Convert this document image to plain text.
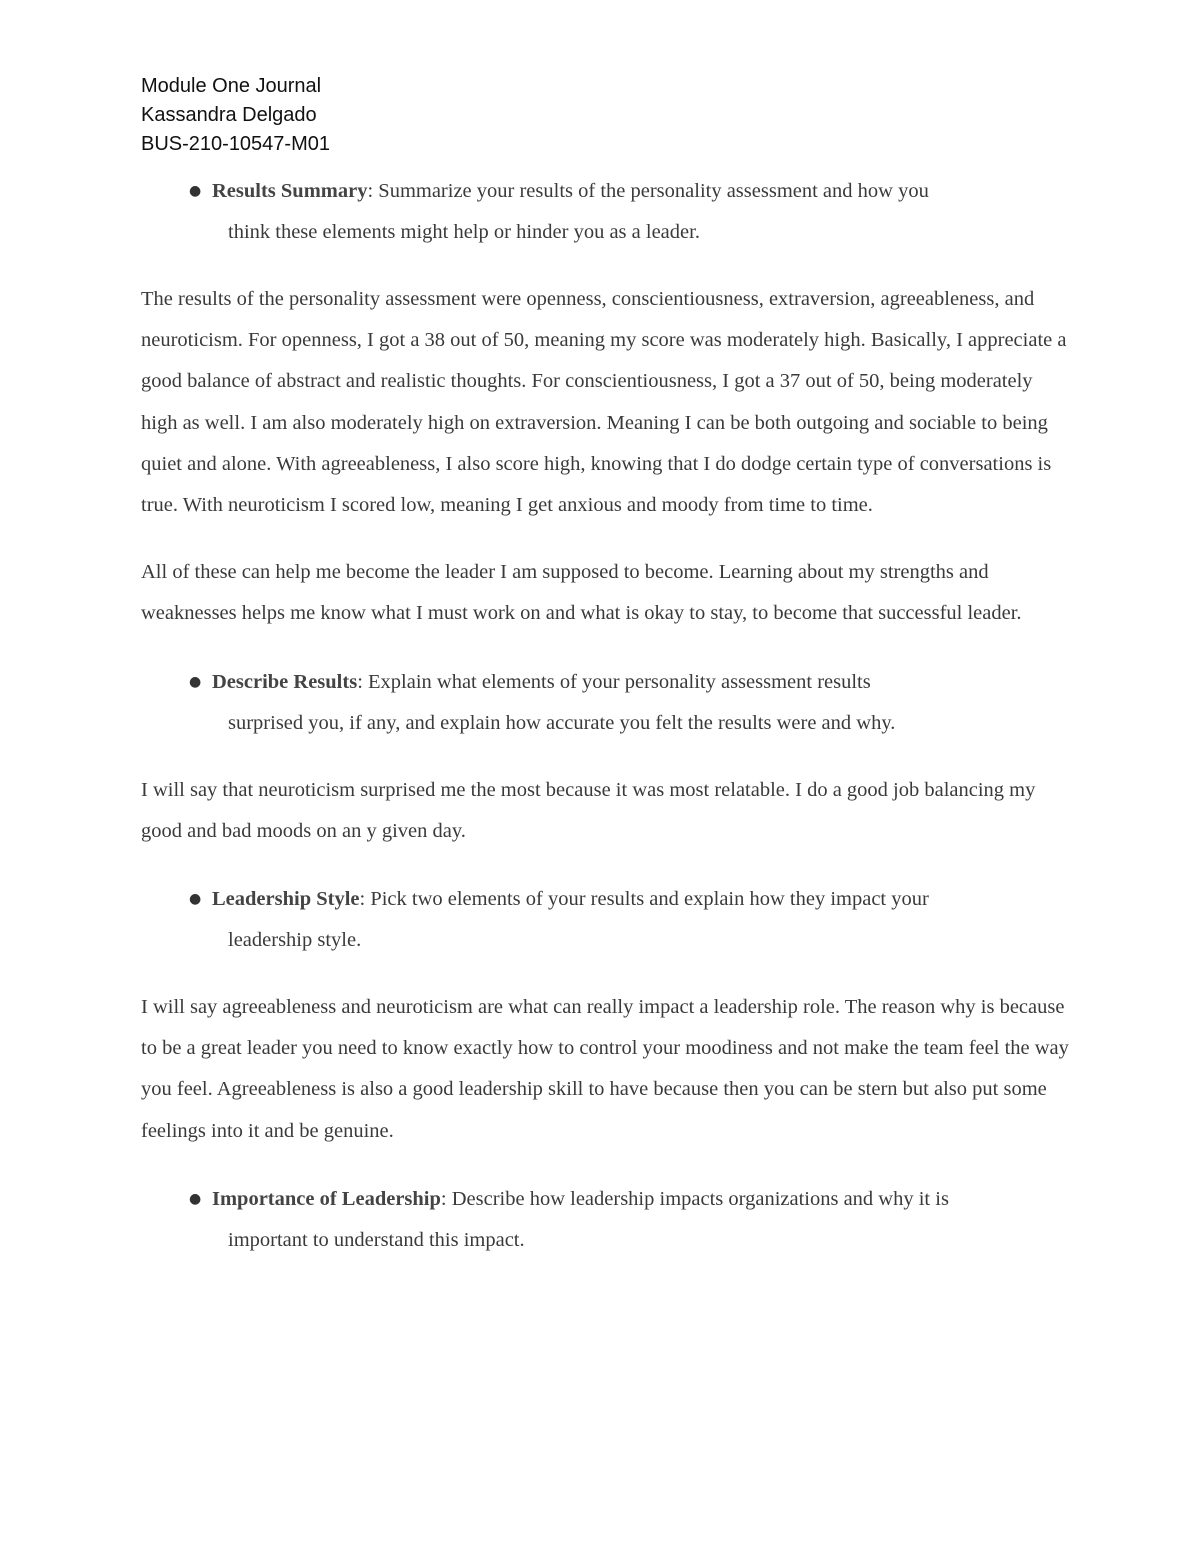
Module One Journal

Kassandra Delgado

BUS-210-10547-M01

● Results Summary: Summarize your results of the personality assessment and how you
think these elements might help or hinder you as a leader.

The results of the personality assessment were openness, conscientiousness, extraversion, agreeableness, and neuroticism. For openness, I got a 38 out of 50, meaning my score was moderately high. Basically, I appreciate a good balance of abstract and realistic thoughts. For conscientiousness, I got a 37 out of 50, being moderately high as well. I am also moderately high on extraversion. Meaning I can be both outgoing and sociable to being quiet and alone. With agreeableness, I also score high, knowing that I do dodge certain type of conversations is true. With neuroticism I scored low, meaning I get anxious and moody from time to time.

All of these can help me become the leader I am supposed to become. Learning about my strengths and weaknesses helps me know what I must work on and what is okay to stay, to become that successful leader.

● Describe Results: Explain what elements of your personality assessment results
surprised you, if any, and explain how accurate you felt the results were and why.

I will say that neuroticism surprised me the most because it was most relatable. I do a good job balancing my good and bad moods on an y given day.

● Leadership Style: Pick two elements of your results and explain how they impact your
leadership style.

I will say agreeableness and neuroticism are what can really impact a leadership role. The reason why is because to be a great leader you need to know exactly how to control your moodiness and not make the team feel the way you feel. Agreeableness is also a good leadership skill to have because then you can be stern but also put some feelings into it and be genuine.

● Importance of Leadership: Describe how leadership impacts organizations and why it is
important to understand this impact.
